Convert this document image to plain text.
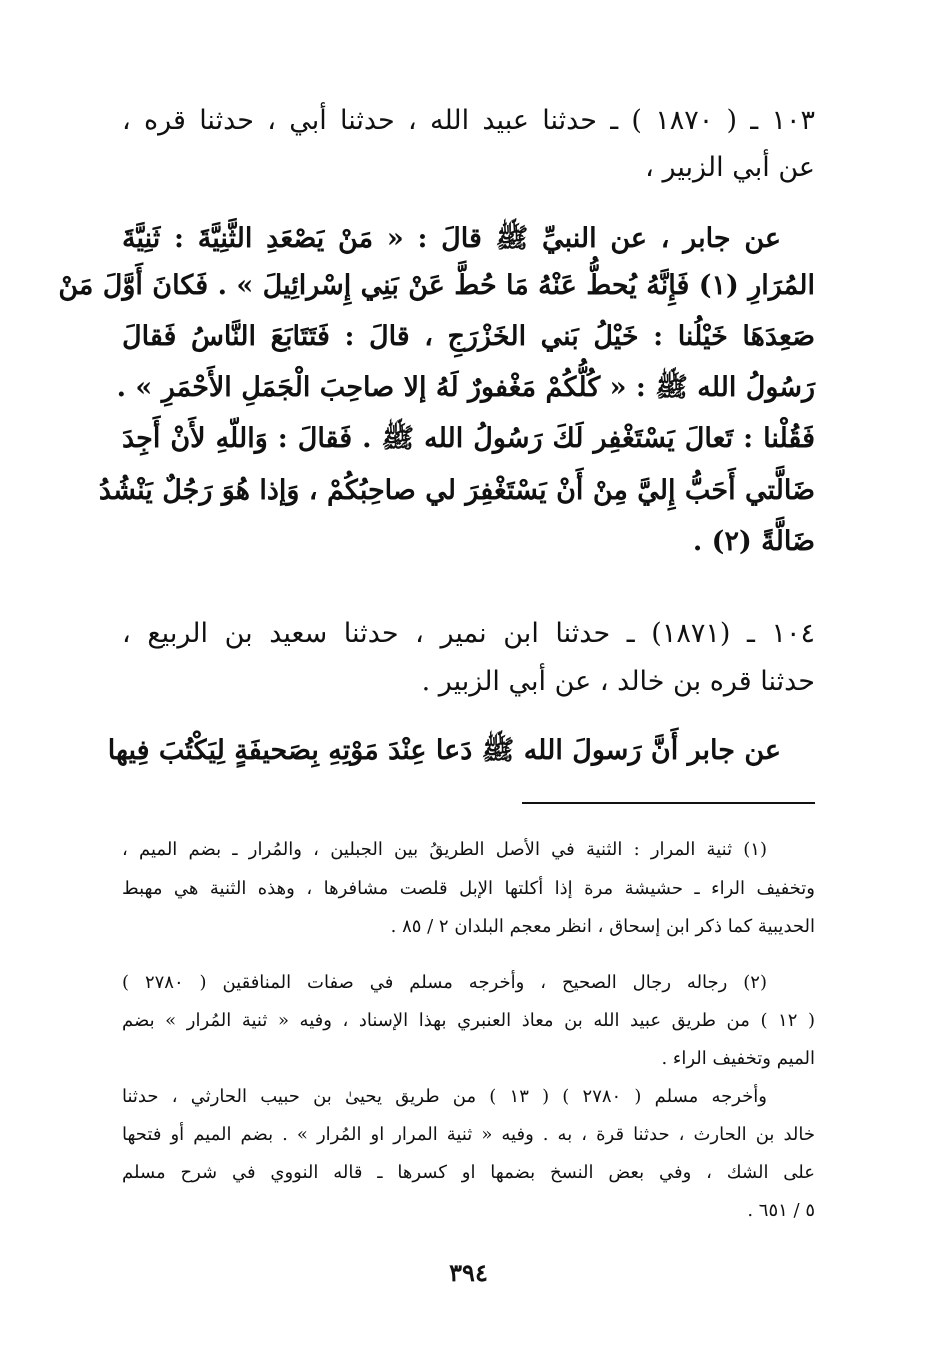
١٠٣ ـ ( ١٨٧٠ ) ـ حدثنا عبيد الله ، حدثنا أبي ، حدثنا قره ،
عن أبي الزبير ،
عن جابر ، عن النبيِّ ﷺ قالَ : « مَنْ يَصْعَدِ الثَّنِيَّةَ : ثَنِيَّةَ
المُرَارِ (١) فَإِنَّهُ يُحطُّ عَنْهُ مَا حُطَّ عَنْ بَنِي إِسْرائِيلَ » . فَكانَ أَوَّلَ مَنْ
صَعِدَهَا خَيْلُنا : خَيْلُ بَني الخَزْرَجِ ، قالَ : فَتَتَابَعَ النَّاسُ فَقالَ
رَسُولُ الله ﷺ : « كُلُّكُمْ مَغْفورٌ لَهُ إلا صاحِبَ الْجَمَلِ الأَحْمَرِ » .
فَقُلْنا : تَعالَ يَسْتَغْفِر لَكَ رَسُولُ الله ﷺ . فَقالَ : وَاللّهِ لأَنْ أَجِدَ
ضَالَّتي أَحَبُّ إِليَّ مِنْ أَنْ يَسْتَغْفِرَ لي صاحِبُكُمْ ، وَإذا هُوَ رَجُلٌ يَنْشُدُ
ضَالَّةً (٢) .
١٠٤ ـ (١٨٧١) ـ حدثنا ابن نمير ، حدثنا سعيد بن الربيع ،
حدثنا قره بن خالد ، عن أبي الزبير .
عن جابر أَنَّ رَسولَ الله ﷺ دَعا عِنْدَ مَوْتِهِ بِصَحيفَةٍ لِيَكْتُبَ فِيها
(١) ثنية المرار : الثنية في الأصل الطريقُ بين الجبلين ، والمُرار ـ بضم الميم ،
وتخفيف الراء ـ حشيشة مرة إذا أكلتها الإبل قلصت مشافرها ، وهذه الثنية هي مهبط
الحديبية كما ذكر ابن إسحاق ، انظر معجم البلدان ٢ / ٨٥ .
(٢) رجاله رجال الصحيح ، وأخرجه مسلم في صفات المنافقين ( ٢٧٨٠ )
( ١٢ ) من طريق عبيد الله بن معاذ العنبري بهذا الإسناد ، وفيه « ثنية المُرار » بضم
الميم وتخفيف الراء .
وأخرجه مسلم ( ٢٧٨٠ ) ( ١٣ ) من طريق يحيىٰ بن حبيب الحارثي ، حدثنا
خالد بن الحارث ، حدثنا قرة ، به . وفيه « ثنية المرار او المُرار » . بضم الميم أو فتحها
على الشك ، وفي بعض النسخ بضمها او كسرها ـ قاله النووي في شرح مسلم
٥ / ٦٥١ .
٣٩٤
